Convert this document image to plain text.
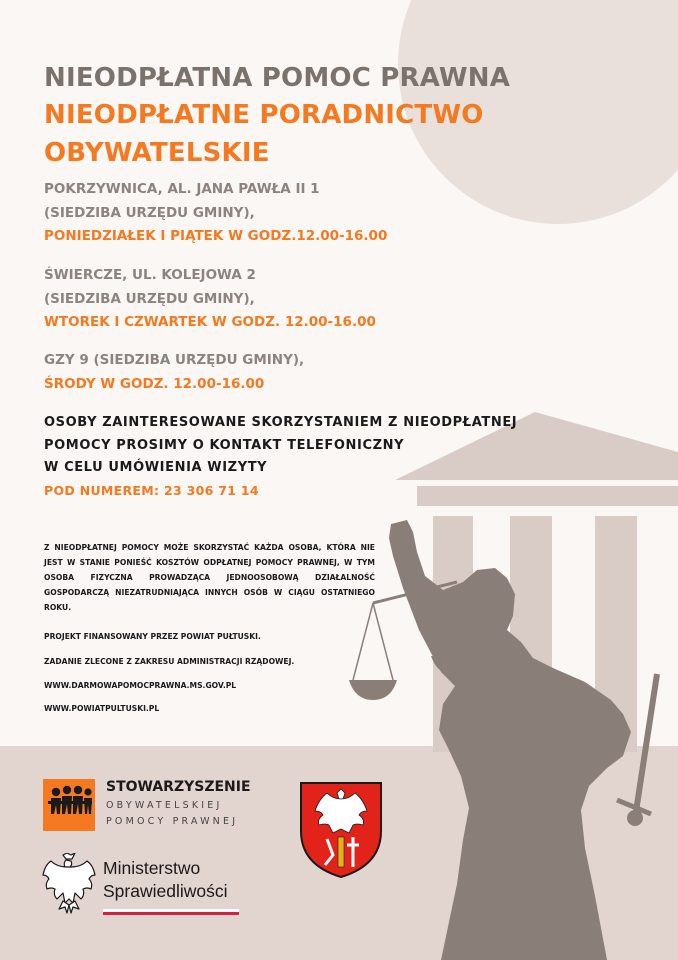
NIEODPŁATNA POMOC PRAWNA
NIEODPŁATNE PORADNICTWO
OBYWATELSKIE
POKRZYWNICA, AL. JANA PAWŁA II 1
(SIEDZIBA URZĘDU GMINY),
PONIEDZIAŁEK I PIĄTEK W GODZ.12.00-16.00
ŚWIERCZE, UL. KOLEJOWA 2
(SIEDZIBA URZĘDU GMINY),
WTOREK I CZWARTEK W GODZ. 12.00-16.00
GZY 9 (SIEDZIBA URZĘDU GMINY),
ŚRODY W GODZ. 12.00-16.00
OSOBY ZAINTERESOWANE SKORZYSTANIEM Z NIEODPŁATNEJ
POMOCY PROSIMY O KONTAKT TELEFONICZNY
W CELU UMÓWIENIA WIZYTY
POD NUMEREM: 23 306 71 14
Z NIEODPŁATNEJ POMOCY MOŻE SKORZYSTAĆ KAŻDA OSOBA, KTÓRA NIE JEST W STANIE PONIEŚĆ KOSZTÓW ODPŁATNEJ POMOCY PRAWNEJ, W TYM OSOBA FIZYCZNA PROWADZĄCA JEDNOOSOBOWĄ DZIAŁALNOŚĆ GOSPODARCZĄ NIEZATRUDNIAJĄCA INNYCH OSÓB W CIĄGU OSTATNIEGO ROKU.
PROJEKT FINANSOWANY PRZEZ POWIAT PUŁTUSKI.
ZADANIE ZLECONE Z ZAKRESU ADMINISTRACJI RZĄDOWEJ.
WWW.DARMOWAPOMOCPRAWNA.MS.GOV.PL
WWW.POWIATPULTUSKI.PL
STOWARZYSZENIE
OBYWATELSKIEJ
POMOCY PRAWNEJ
Ministerstwo
Sprawiedliwości
